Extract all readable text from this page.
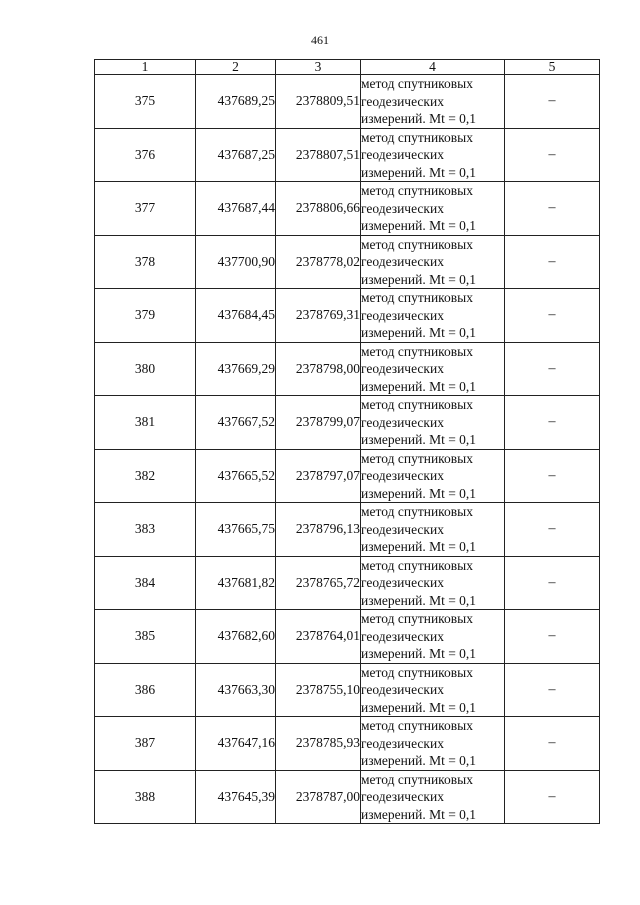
461
1	2	3	4	5
375	437689,25	2378809,51	метод спутниковых
геодезических
измерений. Mt = 0,1	–
376	437687,25	2378807,51	метод спутниковых
геодезических
измерений. Mt = 0,1	–
377	437687,44	2378806,66	метод спутниковых
геодезических
измерений. Mt = 0,1	–
378	437700,90	2378778,02	метод спутниковых
геодезических
измерений. Mt = 0,1	–
379	437684,45	2378769,31	метод спутниковых
геодезических
измерений. Mt = 0,1	–
380	437669,29	2378798,00	метод спутниковых
геодезических
измерений. Mt = 0,1	–
381	437667,52	2378799,07	метод спутниковых
геодезических
измерений. Mt = 0,1	–
382	437665,52	2378797,07	метод спутниковых
геодезических
измерений. Mt = 0,1	–
383	437665,75	2378796,13	метод спутниковых
геодезических
измерений. Mt = 0,1	–
384	437681,82	2378765,72	метод спутниковых
геодезических
измерений. Mt = 0,1	–
385	437682,60	2378764,01	метод спутниковых
геодезических
измерений. Mt = 0,1	–
386	437663,30	2378755,10	метод спутниковых
геодезических
измерений. Mt = 0,1	–
387	437647,16	2378785,93	метод спутниковых
геодезических
измерений. Mt = 0,1	–
388	437645,39	2378787,00	метод спутниковых
геодезических
измерений. Mt = 0,1	–
